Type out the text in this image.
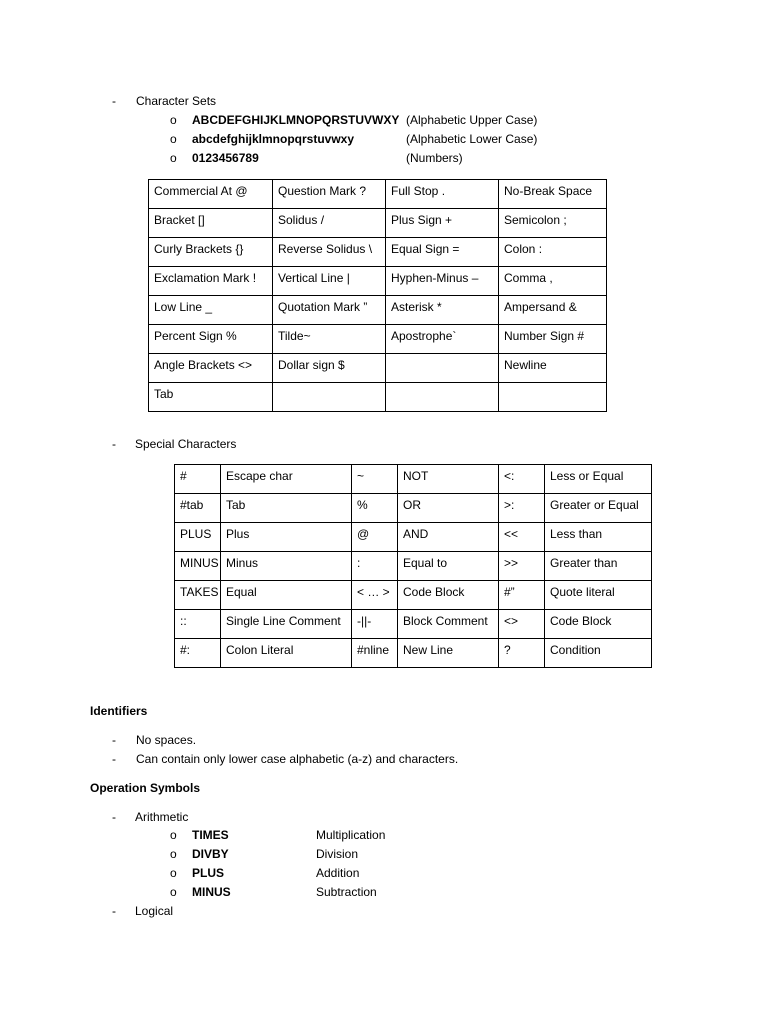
- Character Sets
o ABCDEFGHIJKLMNOPQRSTUVWXY (Alphabetic Upper Case)
o abcdefghijklmnopqrstuvwxy	(Alphabetic Lower Case)
o 0123456789	(Numbers)
Commercial At @	Question Mark ?	Full Stop .	No-Break Space
Bracket []	Solidus /	Plus Sign +	Semicolon ;
Curly Brackets {}	Reverse Solidus \	Equal Sign =	Colon :
Exclamation Mark !	Vertical Line |	Hyphen-Minus –	Comma ,
Low Line _	Quotation Mark ”	Asterisk *	Ampersand &
Percent Sign %	Tilde~	Apostrophe`	Number Sign #
Angle Brackets <>	Dollar sign $		Newline
Tab			
- Special Characters
#	Escape char	~	NOT	<:	Less or Equal
#tab	Tab	%	OR	>:	Greater or Equal
PLUS	Plus	@	AND	<<	Less than
MINUS	Minus	:	Equal to	>>	Greater than
TAKES	Equal	< … >	Code Block	#”	Quote literal
::	Single Line Comment	-||-	Block Comment	<>	Code Block
#:	Colon Literal	#nline	New Line	?	Condition
Identifiers
- No spaces.
- Can contain only lower case alphabetic (a-z) and characters.
Operation Symbols
- Arithmetic
o TIMES	Multiplication
o DIVBY	Division
o PLUS	Addition
o MINUS	Subtraction
- Logical
